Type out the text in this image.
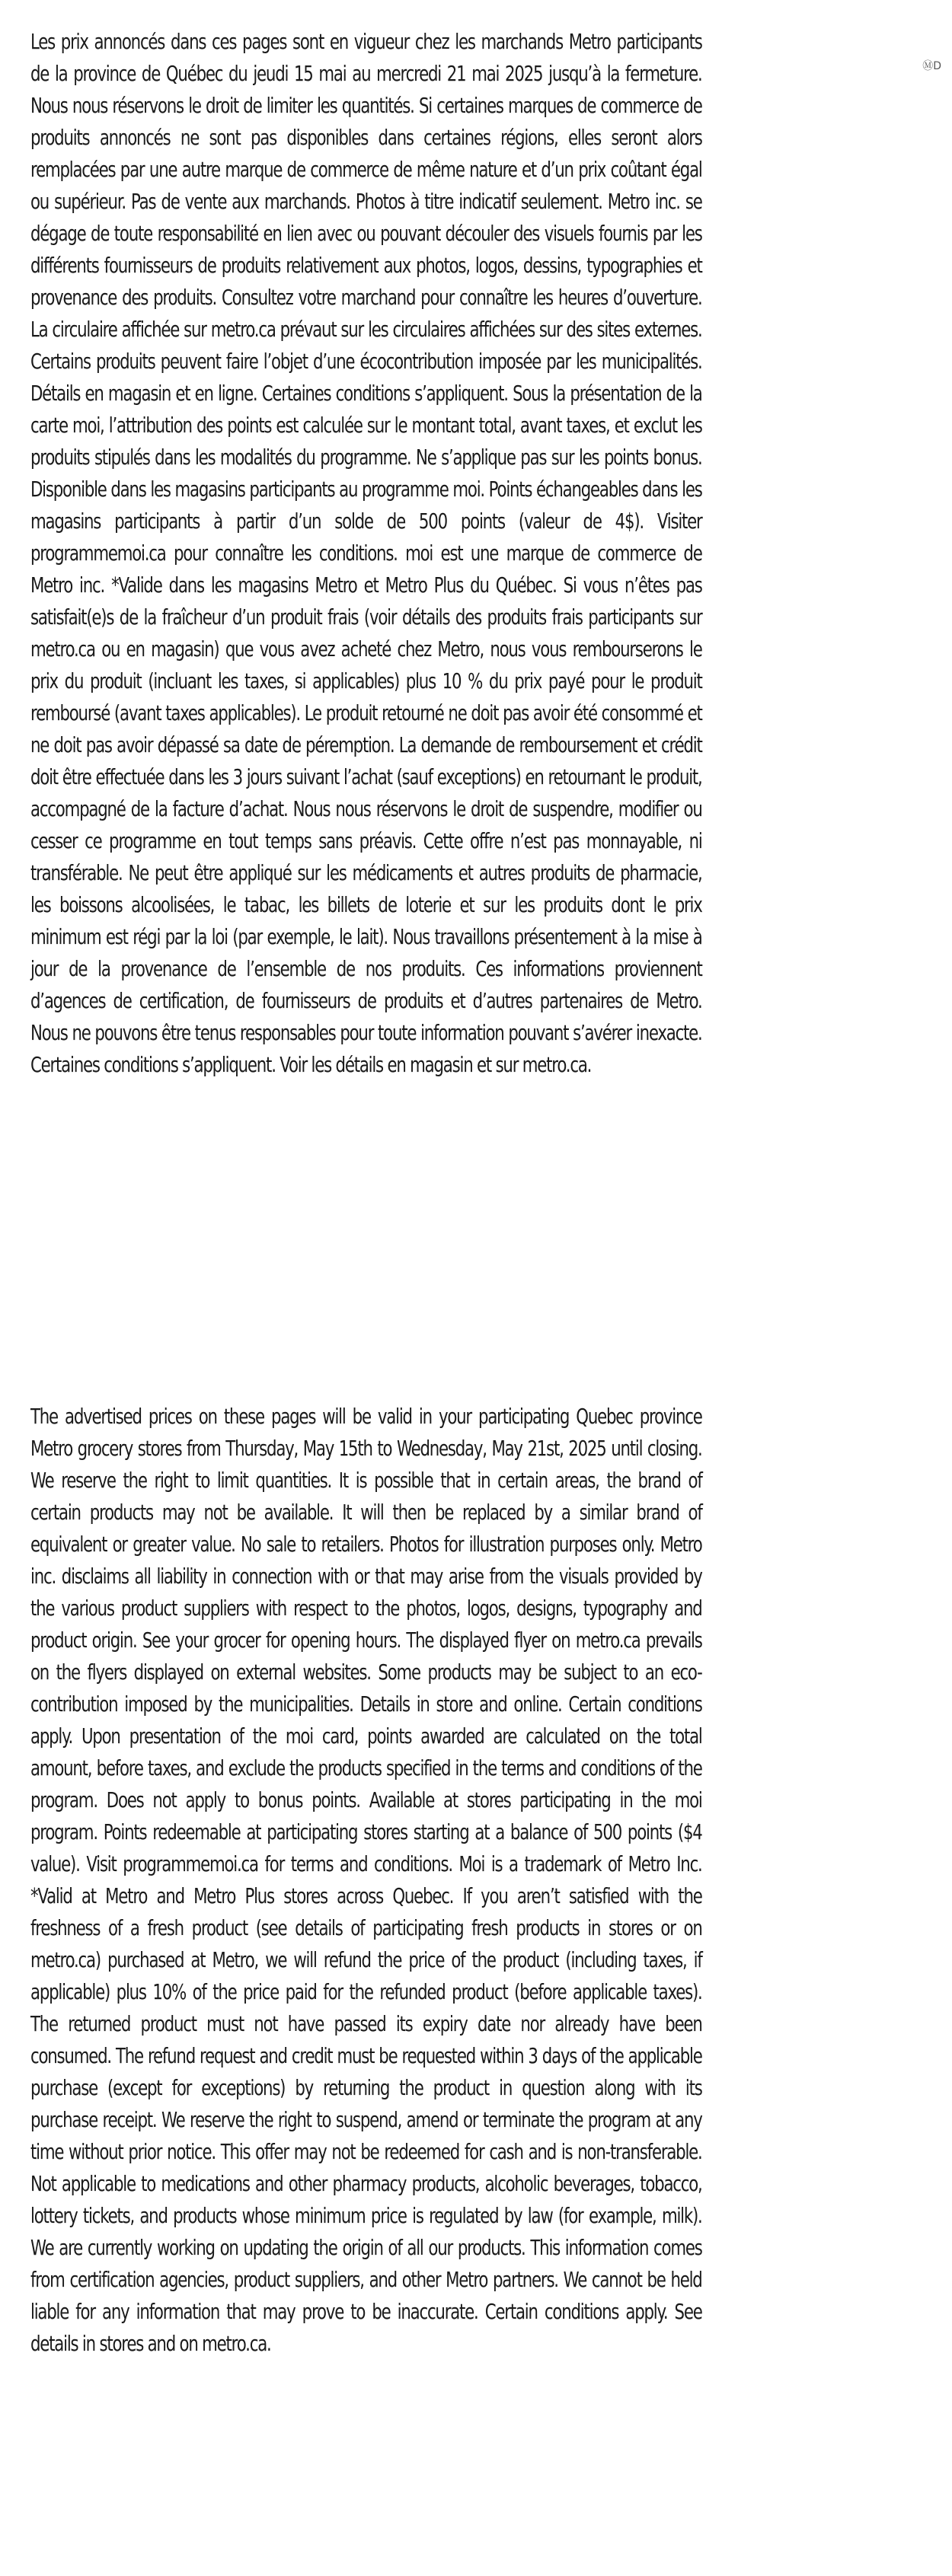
ⓂD

Les prix annoncés dans ces pages sont en vigueur chez les marchands Metro participants de la province de Québec du jeudi 15 mai au mercredi 21 mai 2025 jusqu’à la fermeture. Nous nous réservons le droit de limiter les quantités. Si certaines marques de commerce de produits annoncés ne sont pas disponibles dans certaines régions, elles seront alors remplacées par une autre marque de commerce de même nature et d’un prix coûtant égal ou supérieur. Pas de vente aux marchands. Photos à titre indicatif seulement. Metro inc. se dégage de toute responsabilité en lien avec ou pouvant découler des visuels fournis par les différents fournisseurs de produits relativement aux photos, logos, dessins, typographies et provenance des produits. Consultez votre marchand pour connaître les heures d’ouverture. La circulaire affichée sur metro.ca prévaut sur les circulaires affichées sur des sites externes. Certains produits peuvent faire l’objet d’une écocontribution imposée par les municipalités. Détails en magasin et en ligne. Certaines conditions s’appliquent. Sous la présentation de la carte moi, l’attribution des points est calculée sur le montant total, avant taxes, et exclut les produits stipulés dans les modalités du programme. Ne s’applique pas sur les points bonus. Disponible dans les magasins participants au programme moi. Points échangeables dans les magasins participants à partir d’un solde de 500 points (valeur de 4$). Visiter programmemoi.ca pour connaître les conditions. moi est une marque de commerce de Metro inc. *Valide dans les magasins Metro et Metro Plus du Québec. Si vous n’êtes pas satisfait(e)s de la fraîcheur d’un produit frais (voir détails des produits frais participants sur metro.ca ou en magasin) que vous avez acheté chez Metro, nous vous rembourserons le prix du produit (incluant les taxes, si applicables) plus 10 % du prix payé pour le produit remboursé (avant taxes applicables). Le produit retourné ne doit pas avoir été consommé et ne doit pas avoir dépassé sa date de péremption. La demande de remboursement et crédit doit être effectuée dans les 3 jours suivant l’achat (sauf exceptions) en retournant le produit, accompagné de la facture d’achat. Nous nous réservons le droit de suspendre, modifier ou cesser ce programme en tout temps sans préavis. Cette offre n’est pas monnayable, ni transférable. Ne peut être appliqué sur les médicaments et autres produits de pharmacie, les boissons alcoolisées, le tabac, les billets de loterie et sur les produits dont le prix minimum est régi par la loi (par exemple, le lait). Nous travaillons présentement à la mise à jour de la provenance de l’ensemble de nos produits. Ces informations proviennent d’agences de certification, de fournisseurs de produits et d’autres partenaires de Metro. Nous ne pouvons être tenus responsables pour toute information pouvant s’avérer inexacte. Certaines conditions s’appliquent. Voir les détails en magasin et sur metro.ca.

The advertised prices on these pages will be valid in your participating Quebec province Metro grocery stores from Thursday, May 15th to Wednesday, May 21st, 2025 until closing. We reserve the right to limit quantities. It is possible that in certain areas, the brand of certain products may not be available. It will then be replaced by a similar brand of equivalent or greater value. No sale to retailers. Photos for illustration purposes only. Metro inc. disclaims all liability in connection with or that may arise from the visuals provided by the various product suppliers with respect to the photos, logos, designs, typography and product origin. See your grocer for opening hours. The displayed flyer on metro.ca prevails on the flyers displayed on external websites. Some products may be subject to an eco-contribution imposed by the municipalities. Details in store and online. Certain conditions apply. Upon presentation of the moi card, points awarded are calculated on the total amount, before taxes, and exclude the products specified in the terms and conditions of the program. Does not apply to bonus points. Available at stores participating in the moi program. Points redeemable at participating stores starting at a balance of 500 points ($4 value). Visit programmemoi.ca for terms and conditions. Moi is a trademark of Metro Inc. *Valid at Metro and Metro Plus stores across Quebec. If you aren’t satisfied with the freshness of a fresh product (see details of participating fresh products in stores or on metro.ca) purchased at Metro, we will refund the price of the product (including taxes, if applicable) plus 10% of the price paid for the refunded product (before applicable taxes). The returned product must not have passed its expiry date nor already have been consumed. The refund request and credit must be requested within 3 days of the applicable purchase (except for exceptions) by returning the product in question along with its purchase receipt. We reserve the right to suspend, amend or terminate the program at any time without prior notice. This offer may not be redeemed for cash and is non-transferable. Not applicable to medications and other pharmacy products, alcoholic beverages, tobacco, lottery tickets, and products whose minimum price is regulated by law (for example, milk). We are currently working on updating the origin of all our products. This information comes from certification agencies, product suppliers, and other Metro partners. We cannot be held liable for any information that may prove to be inaccurate. Certain conditions apply. See details in stores and on metro.ca.
